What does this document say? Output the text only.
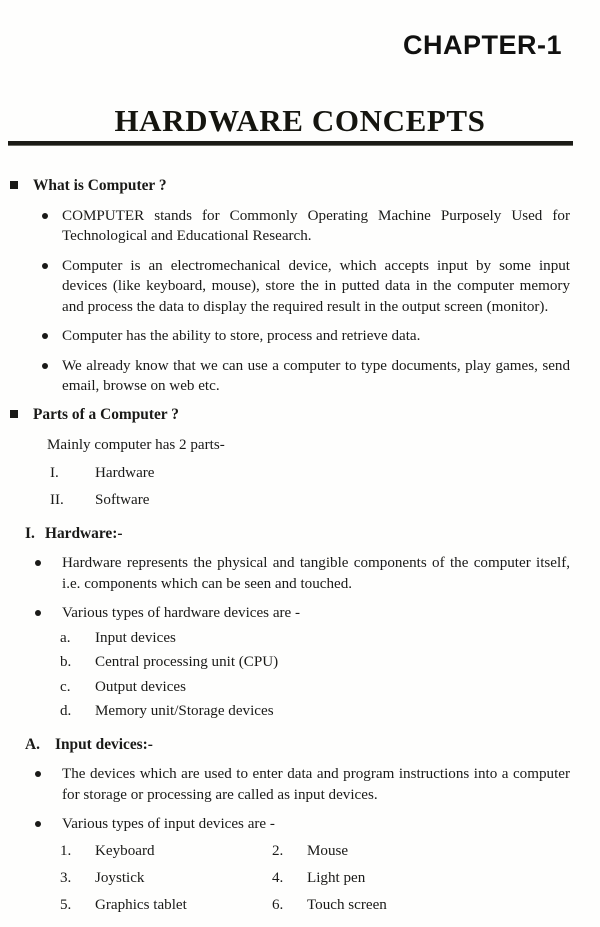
CHAPTER-1
HARDWARE CONCEPTS
What is Computer ?
COMPUTER stands for Commonly Operating Machine Purposely Used for Technological and Educational Research.
Computer is an electromechanical device, which accepts input by some input devices (like keyboard, mouse), store the in putted data in the computer memory and process the data to display the required result in the output screen (monitor).
Computer has the ability to store, process and retrieve data.
We already know that we can use a computer to type documents, play games, send email, browse on web etc.
Parts of a Computer ?
Mainly computer has 2 parts-
I. Hardware
II. Software
I. Hardware:-
Hardware represents the physical and tangible components of the computer itself, i.e. components which can be seen and touched.
Various types of hardware devices are -
a. Input devices
b. Central processing unit (CPU)
c. Output devices
d. Memory unit/Storage devices
A. Input devices:-
The devices which are used to enter data and program instructions into a computer for storage or processing are called as input devices.
Various types of input devices are -
1. Keyboard	2. Mouse
3. Joystick	4. Light pen
5. Graphics tablet	6. Touch screen
